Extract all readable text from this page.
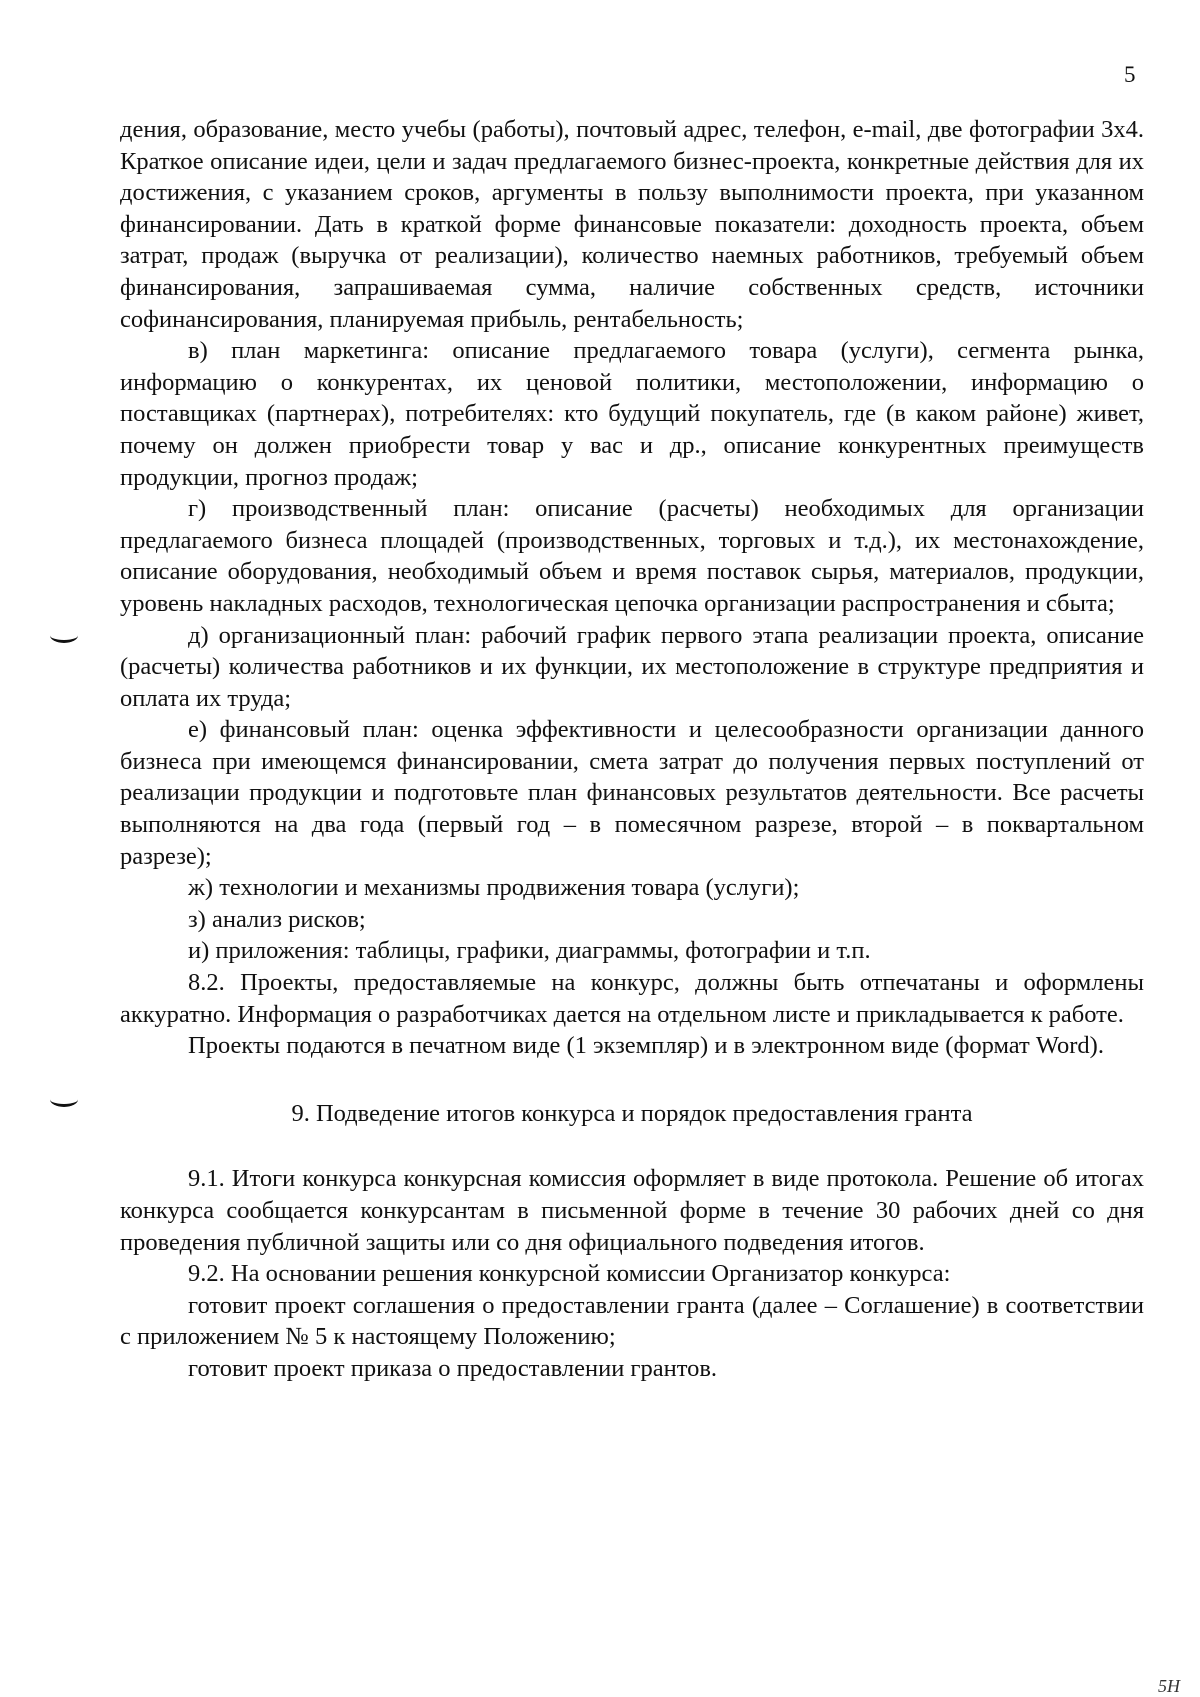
5

дения, образование, место учебы (работы), почтовый адрес, телефон, e-mail, две фотографии 3х4. Краткое описание идеи, цели и задач предлагаемого бизнес-проекта, конкретные действия для их достижения, с указанием сроков, аргументы в пользу выполнимости проекта, при указанном финансировании. Дать в краткой форме финансовые показатели: доходность проекта, объем затрат, продаж (выручка от реализации), количество наемных работников, требуемый объем финансирования, запрашиваемая сумма, наличие собственных средств, источники софинансирования, планируемая прибыль, рентабельность;

в) план маркетинга: описание предлагаемого товара (услуги), сегмента рынка, информацию о конкурентах, их ценовой политики, местоположении, информацию о поставщиках (партнерах), потребителях: кто будущий покупатель, где (в каком районе) живет, почему он должен приобрести товар у вас и др., описание конкурентных преимуществ продукции, прогноз продаж;

г) производственный план: описание (расчеты) необходимых для организации предлагаемого бизнеса площадей (производственных, торговых и т.д.), их местонахождение, описание оборудования, необходимый объем и время поставок сырья, материалов, продукции, уровень накладных расходов, технологическая цепочка организации распространения и сбыта;

д) организационный план: рабочий график первого этапа реализации проекта, описание (расчеты) количества работников и их функции, их местоположение в структуре предприятия и оплата их труда;

е) финансовый план: оценка эффективности и целесообразности организации данного бизнеса при имеющемся финансировании, смета затрат до получения первых поступлений от реализации продукции и подготовьте план финансовых результатов деятельности. Все расчеты выполняются на два года (первый год – в помесячном разрезе, второй – в поквартальном разрезе);

ж) технологии и механизмы продвижения товара (услуги);

з) анализ рисков;

и) приложения: таблицы, графики, диаграммы, фотографии и т.п.

8.2. Проекты, предоставляемые на конкурс, должны быть отпечатаны и оформлены аккуратно. Информация о разработчиках дается на отдельном листе и прикладывается к работе.

Проекты подаются в печатном виде (1 экземпляр) и в электронном виде (формат Word).

9. Подведение итогов конкурса и порядок предоставления гранта

9.1. Итоги конкурса конкурсная комиссия оформляет в виде протокола. Решение об итогах конкурса сообщается конкурсантам в письменной форме в течение 30 рабочих дней со дня проведения публичной защиты или со дня официального подведения итогов.

9.2. На основании решения конкурсной комиссии Организатор конкурса:

готовит проект соглашения о предоставлении гранта (далее – Соглашение) в соответствии с приложением № 5 к настоящему Положению;

готовит проект приказа о предоставлении грантов.

5Н
